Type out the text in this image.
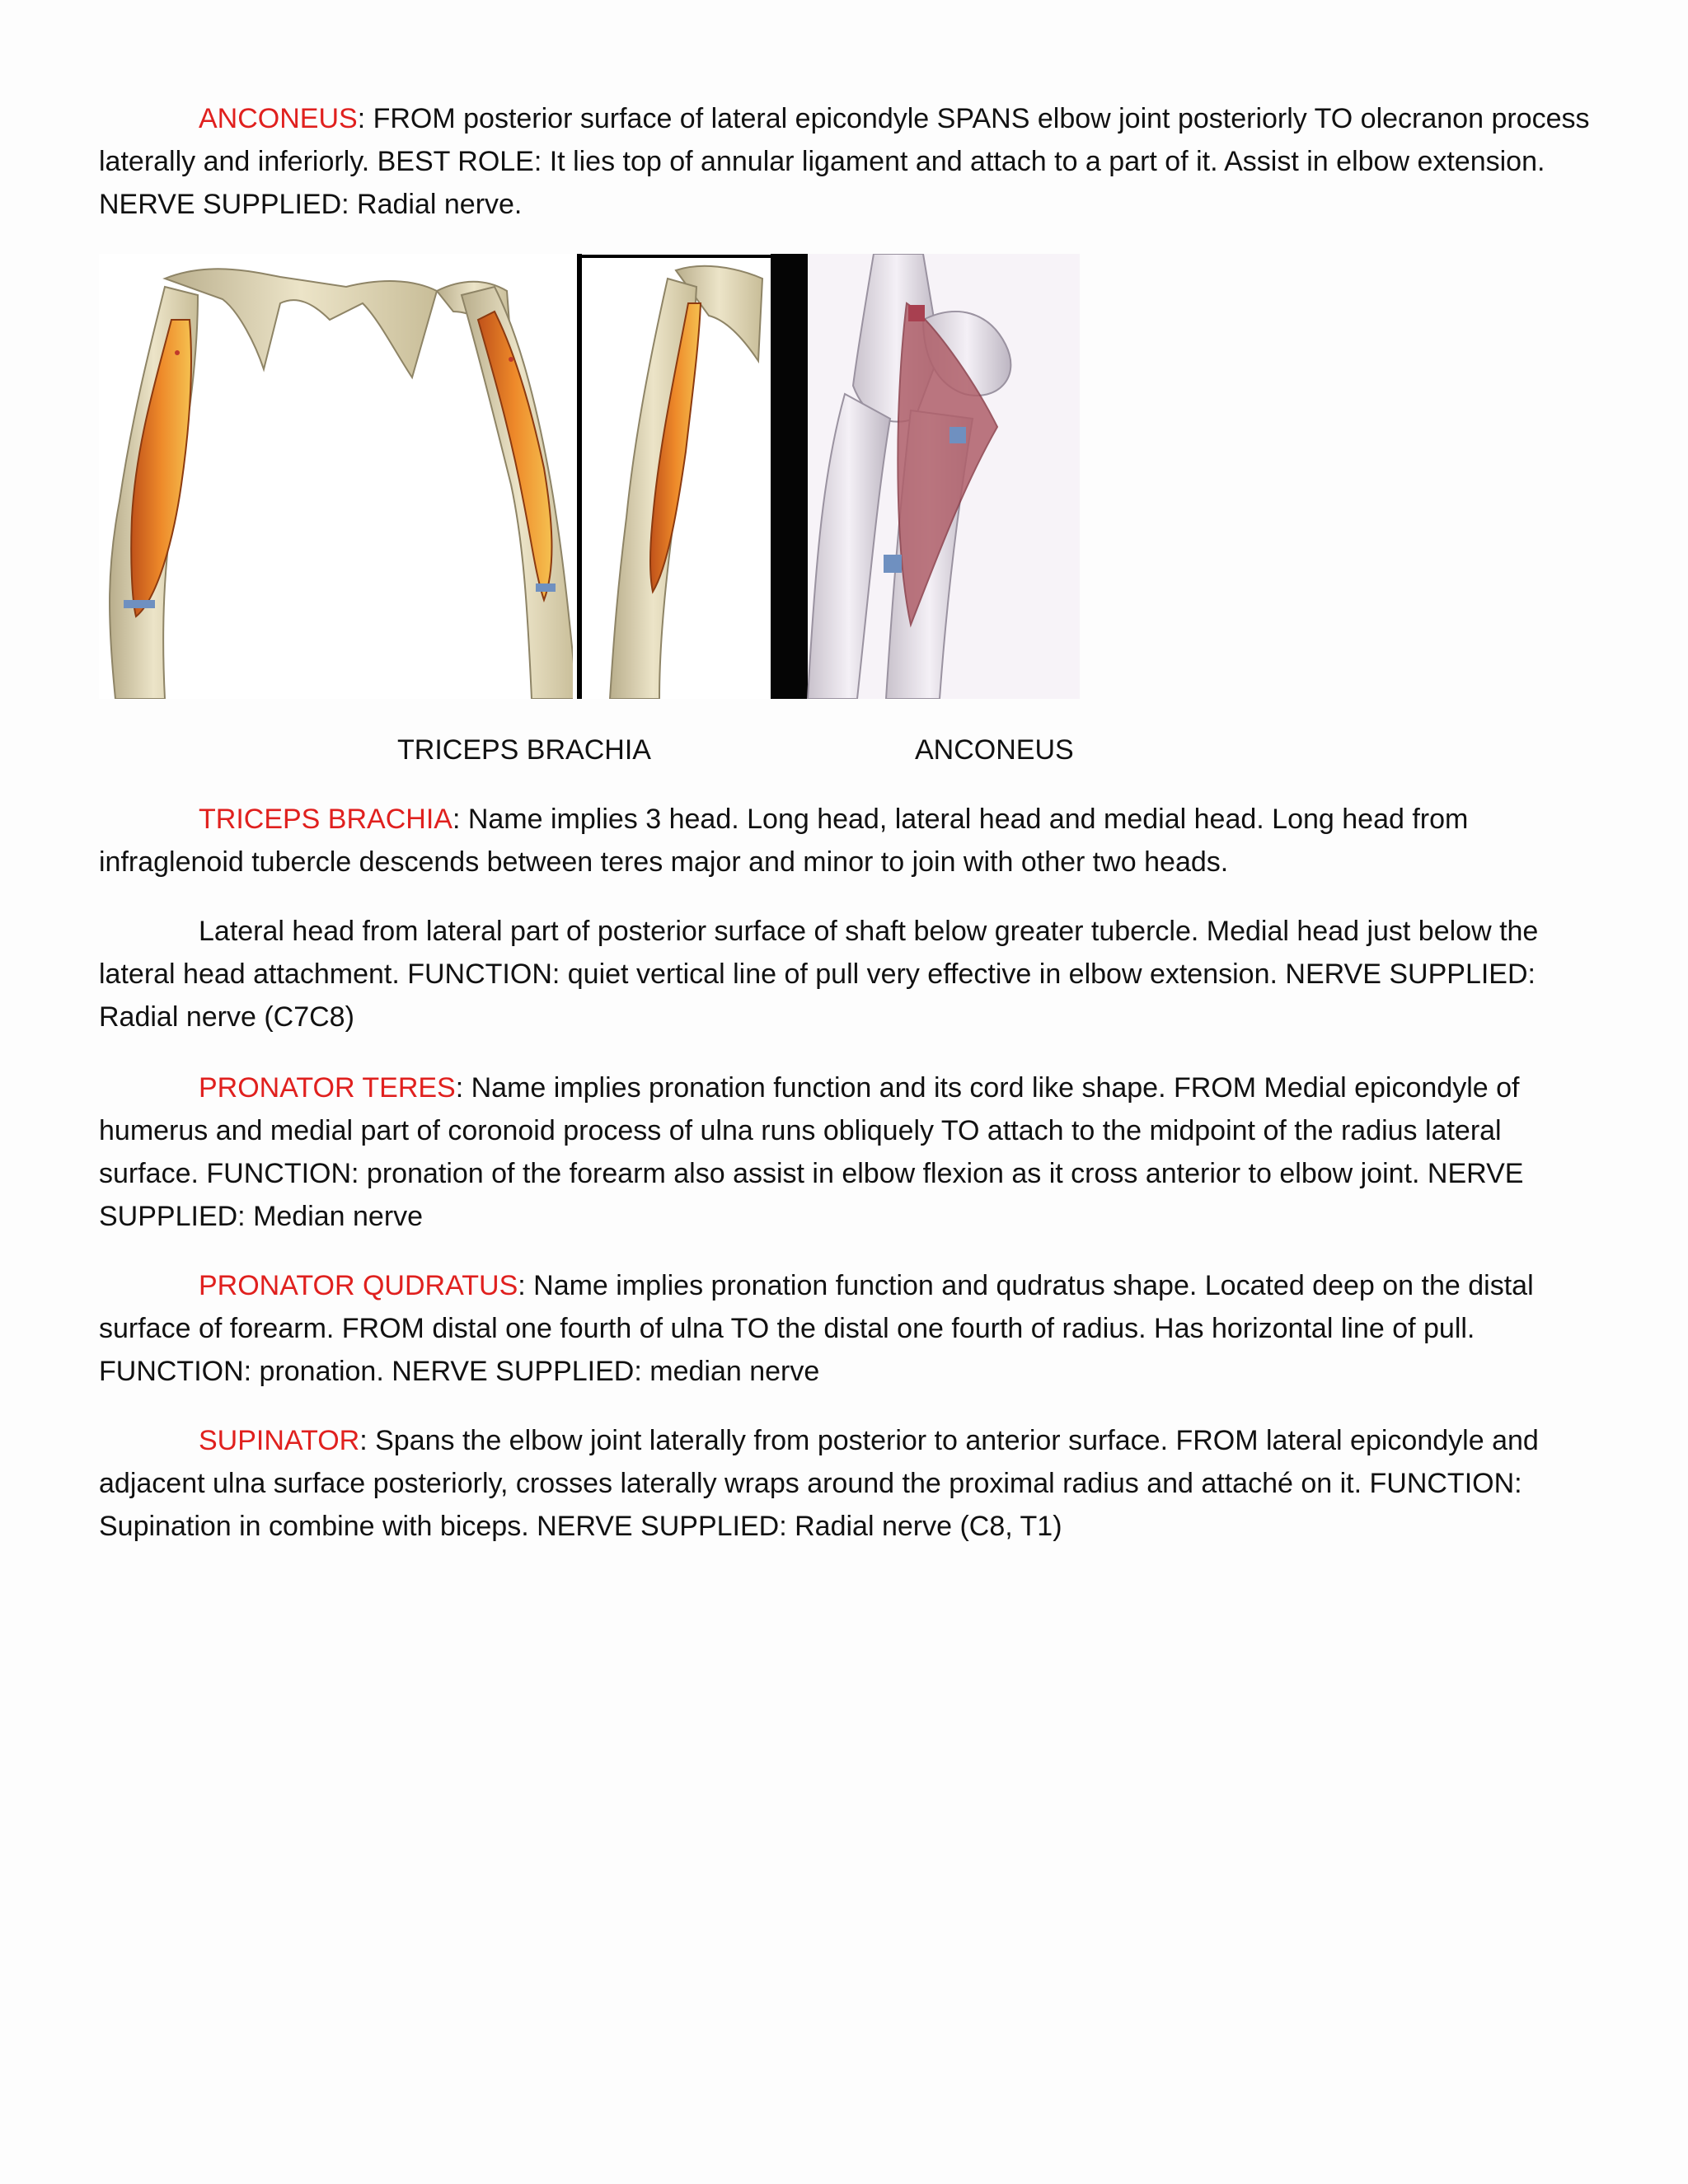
ANCONEUS: FROM posterior surface of lateral epicondyle SPANS elbow joint posteriorly TO olecranon process laterally and inferiorly. BEST ROLE: It lies top of annular ligament and attach to a part of it. Assist in elbow extension. NERVE SUPPLIED: Radial nerve.

TRICEPS BRACHIA	ANCONEUS

TRICEPS BRACHIA: Name implies 3 head. Long head, lateral head and medial head. Long head from infraglenoid tubercle descends between teres major and minor to join with other two heads.

Lateral head from lateral part of posterior surface of shaft below greater tubercle. Medial head just below the lateral head attachment. FUNCTION: quiet vertical line of pull very effective in elbow extension. NERVE SUPPLIED: Radial nerve (C7C8)

PRONATOR TERES: Name implies pronation function and its cord like shape. FROM Medial epicondyle of humerus and medial part of coronoid process of ulna runs obliquely TO attach to the midpoint of the radius lateral surface. FUNCTION: pronation of the forearm also assist in elbow flexion as it cross anterior to elbow joint. NERVE SUPPLIED: Median nerve

PRONATOR QUDRATUS: Name implies pronation function and qudratus shape. Located deep on the distal surface of forearm. FROM distal one fourth of ulna TO the distal one fourth of radius. Has horizontal line of pull. FUNCTION: pronation. NERVE SUPPLIED: median nerve

SUPINATOR: Spans the elbow joint laterally from posterior to anterior surface. FROM lateral epicondyle and adjacent ulna surface posteriorly, crosses laterally wraps around the proximal radius and attaché on it. FUNCTION: Supination in combine with biceps. NERVE SUPPLIED: Radial nerve (C8, T1)
